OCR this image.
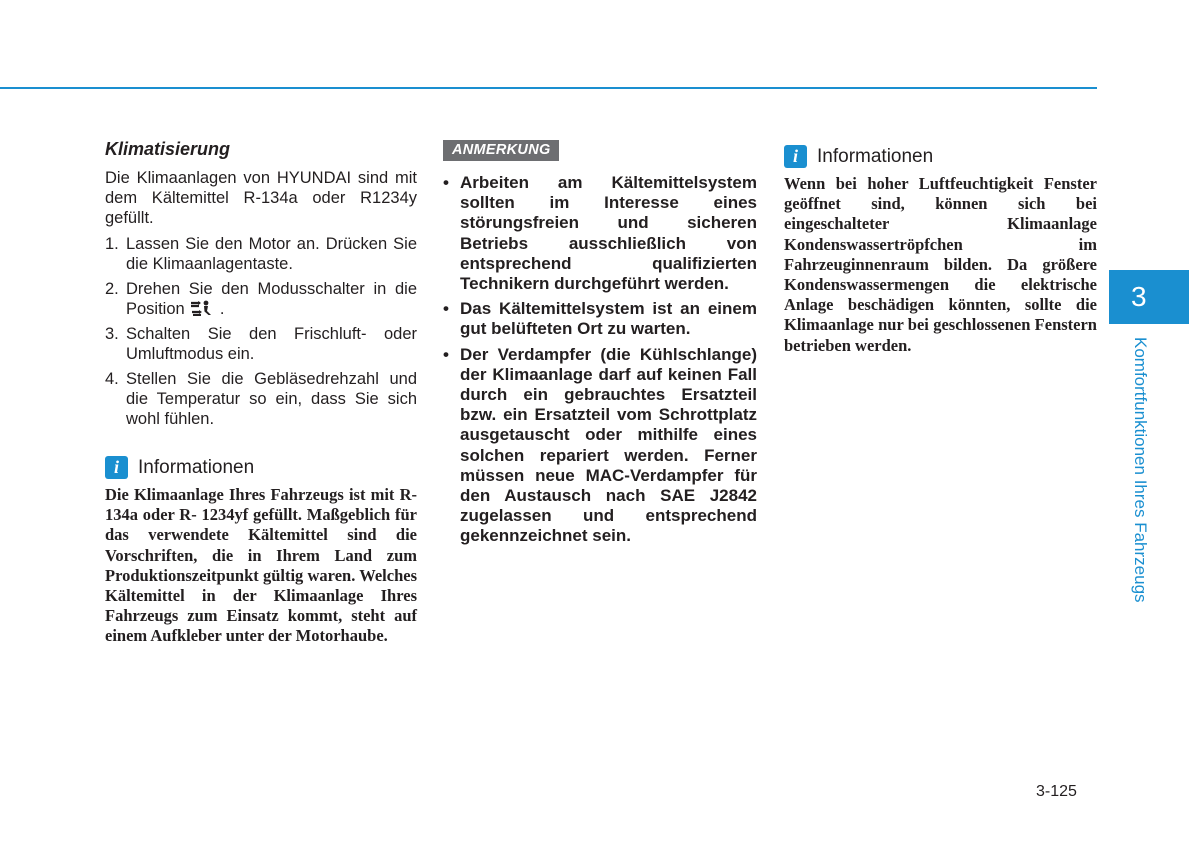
Klimatisierung

Die Klimaanlagen von HYUNDAI sind mit dem Kältemittel R-134a oder R1234y gefüllt.

1. Lassen Sie den Motor an. Drücken Sie die Klimaanlagentaste.
2. Drehen Sie den Modusschalter in die Position .
3. Schalten Sie den Frischluft- oder Umluftmodus ein.
4. Stellen Sie die Gebläsedrehzahl und die Temperatur so ein, dass Sie sich wohl fühlen.
i	Informationen

Die Klimaanlage Ihres Fahrzeugs ist mit R-134a oder R- 1234yf gefüllt. Maßgeblich für das verwendete Kältemittel sind die Vorschriften, die in Ihrem Land zum Produktionszeitpunkt gültig waren. Welches Kältemittel in der Klimaanlage Ihres Fahrzeugs zum Einsatz kommt, steht auf einem Aufkleber unter der Motorhaube.

ANMERKUNG
• Arbeiten am Kältemittelsystem sollten im Interesse eines störungsfreien und sicheren Betriebs ausschließlich von entsprechend qualifizierten Technikern durchgeführt werden.
• Das Kältemittelsystem ist an einem gut belüfteten Ort zu warten.
• Der Verdampfer (die Kühlschlange) der Klimaanlage darf auf keinen Fall durch ein gebrauchtes Ersatzteil bzw. ein Ersatzteil vom Schrottplatz ausgetauscht oder mithilfe eines solchen repariert werden. Ferner müssen neue MAC-Verdampfer für den Austausch nach SAE J2842 zugelassen und entsprechend gekennzeichnet sein.
i	Informationen

Wenn bei hoher Luftfeuchtigkeit Fenster geöffnet sind, können sich bei eingeschalteter Klimaanlage Kondenswassertröpfchen im Fahrzeuginnenraum bilden. Da größere Kondenswassermengen die elektrische Anlage beschädigen könnten, sollte die Klimaanlage nur bei geschlossenen Fenstern betrieben werden.

3
Komfortfunktionen Ihres Fahrzeugs
3-125
